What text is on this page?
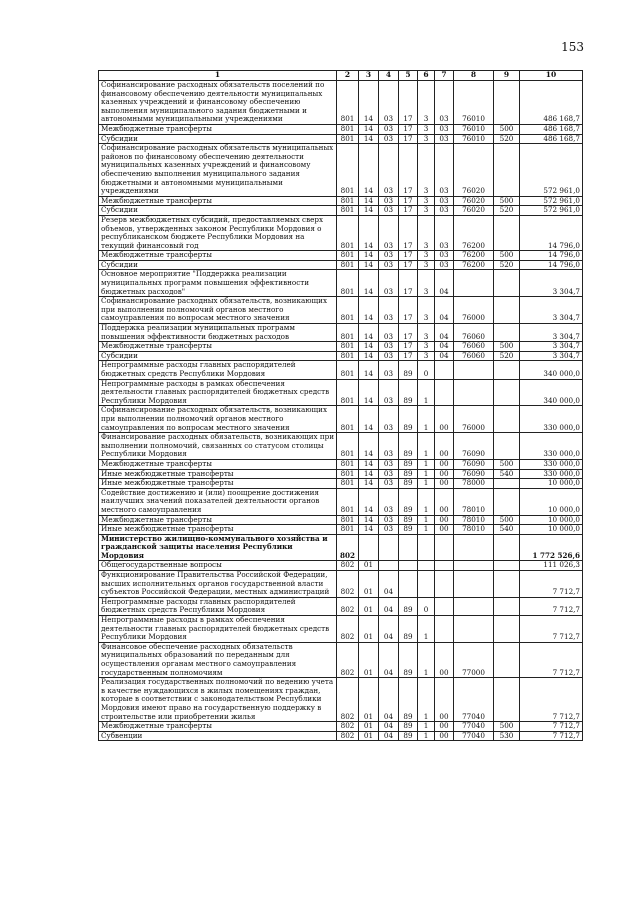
153
1	2	3	4	5	6	7	8	9	10
Софинансирование расходных обязательств поселений по финансовому обеспечению деятельности муниципальных казенных учреждений и финансовому обеспечению выполнения муниципального задания бюджетными и автономными муниципальными учреждениями	801	14	03	17	3	03	76010		486 168,7
Межбюджетные трансферты	801	14	03	17	3	03	76010	500	486 168,7
Субсидии	801	14	03	17	3	03	76010	520	486 168,7
Софинансирование расходных обязательств муниципальных районов по финансовому обеспечению деятельности муниципальных казенных учреждений и финансовому обеспечению выполнения муниципального задания бюджетными и автономными муниципальными учреждениями	801	14	03	17	3	03	76020		572 961,0
Межбюджетные трансферты	801	14	03	17	3	03	76020	500	572 961,0
Субсидии	801	14	03	17	3	03	76020	520	572 961,0
Резерв межбюджетных субсидий, предоставляемых сверх объемов, утвержденных законом Республики Мордовия о республиканском бюджете Республики Мордовия на текущий финансовый год	801	14	03	17	3	03	76200		14 796,0
Межбюджетные трансферты	801	14	03	17	3	03	76200	500	14 796,0
Субсидии	801	14	03	17	3	03	76200	520	14 796,0
Основное мероприятие "Поддержка реализации муниципальных программ повышения эффективности бюджетных расходов"	801	14	03	17	3	04			3 304,7
Софинансирование расходных обязательств, возникающих при выполнении полномочий органов местного самоуправления по вопросам местного значения	801	14	03	17	3	04	76000		3 304,7
Поддержка реализации муниципальных программ повышения эффективности бюджетных расходов	801	14	03	17	3	04	76060		3 304,7
Межбюджетные трансферты	801	14	03	17	3	04	76060	500	3 304,7
Субсидии	801	14	03	17	3	04	76060	520	3 304,7
Непрограммные расходы главных распорядителей бюджетных средств Республики Мордовия	801	14	03	89	0				340 000,0
Непрограммные расходы в рамках обеспечения деятельности главных распорядителей бюджетных средств Республики Мордовия	801	14	03	89	1				340 000,0
Софинансирование расходных обязательств, возникающих при выполнении полномочий органов местного самоуправления по вопросам местного значения	801	14	03	89	1	00	76000		330 000,0
Финансирование расходных обязательств, возникающих при выполнении полномочий, связанных со статусом столицы Республики Мордовия	801	14	03	89	1	00	76090		330 000,0
Межбюджетные трансферты	801	14	03	89	1	00	76090	500	330 000,0
Иные межбюджетные трансферты	801	14	03	89	1	00	76090	540	330 000,0
Иные межбюджетные трансферты	801	14	03	89	1	00	78000		10 000,0
Содействие достижению и (или) поощрение достижения наилучших значений показателей деятельности органов местного самоуправления	801	14	03	89	1	00	78010		10 000,0
Межбюджетные трансферты	801	14	03	89	1	00	78010	500	10 000,0
Иные межбюджетные трансферты	801	14	03	89	1	00	78010	540	10 000,0
Министерство жилищно-коммунального хозяйства и гражданской защиты населения Республики Мордовия	802								1 772 526,6
Общегосударственные вопросы	802	01							111 026,3
Функционирование Правительства Российской Федерации, высших исполнительных органов государственной власти субъектов Российской Федерации, местных администраций	802	01	04						7 712,7
Непрограммные расходы главных распорядителей бюджетных средств Республики Мордовия	802	01	04	89	0				7 712,7
Непрограммные расходы в рамках обеспечения деятельности главных распорядителей бюджетных средств Республики Мордовия	802	01	04	89	1				7 712,7
Финансовое обеспечение расходных обязательств муниципальных образований по переданным для осуществления органам местного самоуправления государственным полномочиям	802	01	04	89	1	00	77000		7 712,7
Реализация государственных полномочий по ведению учета в качестве нуждающихся в жилых помещениях граждан, которые в соответствии с законодательством Республики Мордовия имеют право на государственную поддержку в строительстве или приобретении жилья	802	01	04	89	1	00	77040		7 712,7
Межбюджетные трансферты	802	01	04	89	1	00	77040	500	7 712,7
Субвенции	802	01	04	89	1	00	77040	530	7 712,7
